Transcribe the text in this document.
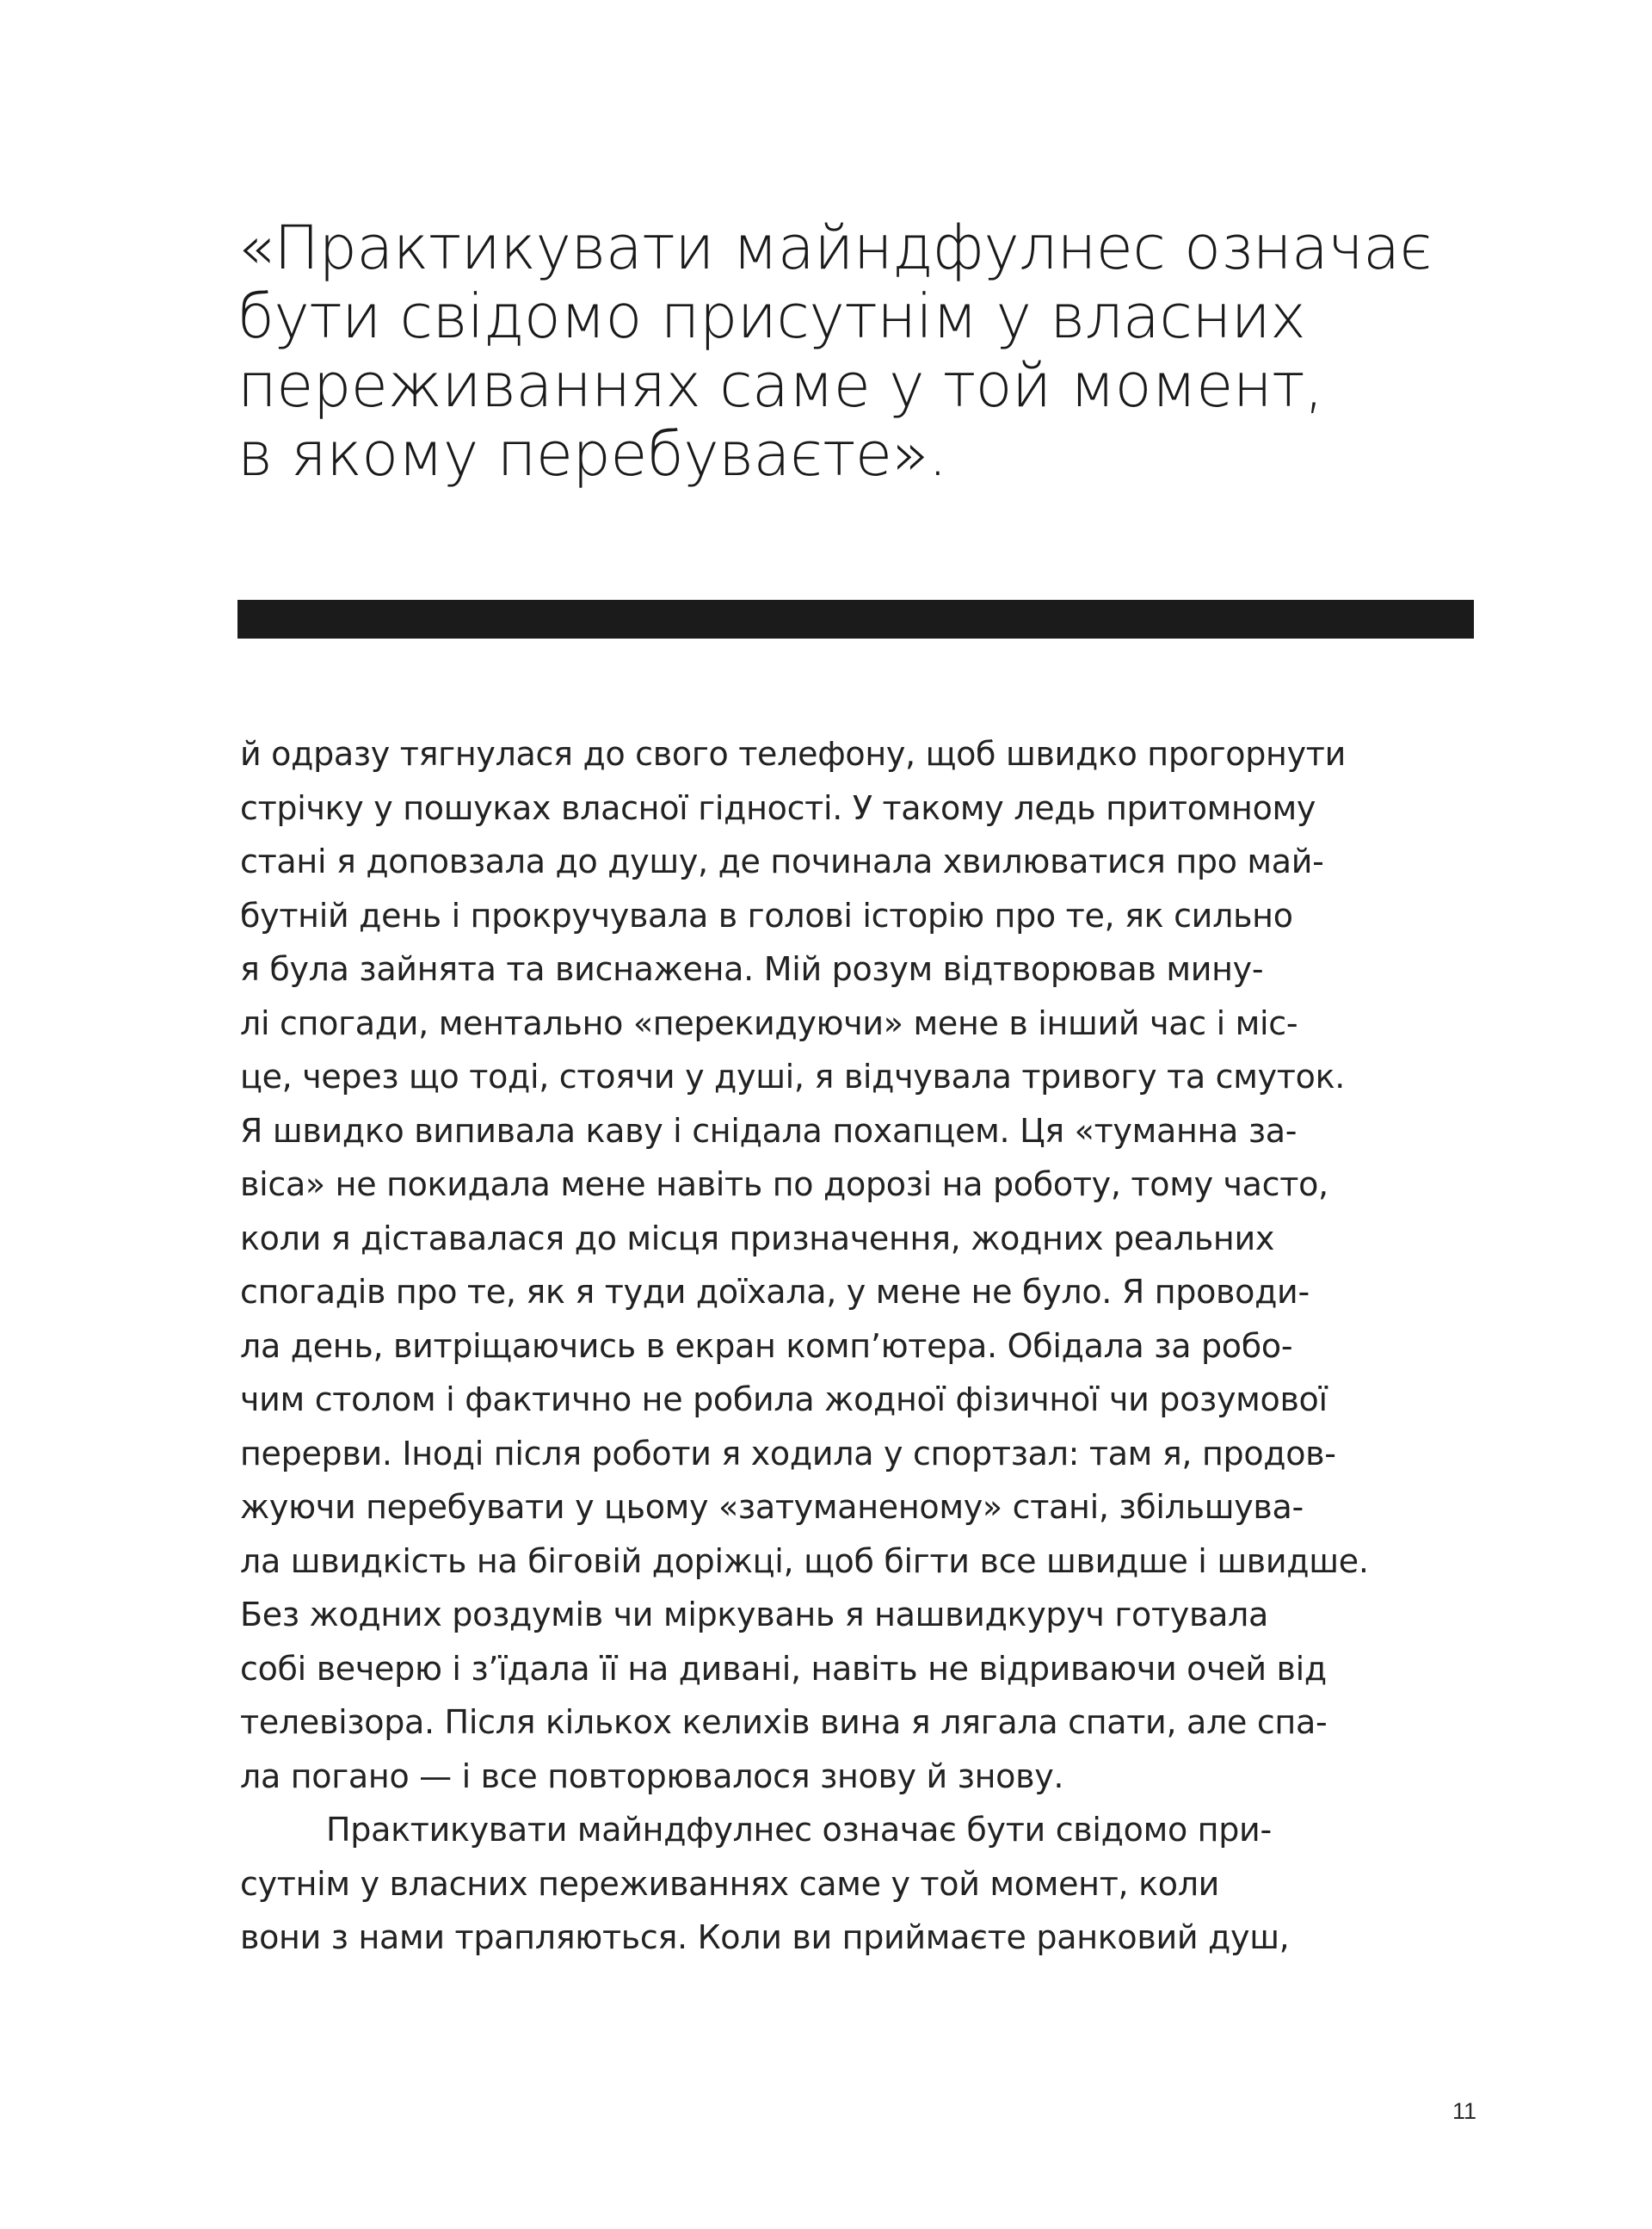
«Практикувати майндфулнес означає
бути свідомо присутнім у власних
переживаннях саме у той момент,
в якому перебуваєте».
й одразу тягнулася до свого телефону, щоб швидко прогорнути
стрічку у пошуках власної гідності. У такому ледь притомному
стані я доповзала до душу, де починала хвилюватися про май-
бутній день і прокручувала в голові історію про те, як сильно
я була зайнята та виснажена. Мій розум відтворював мину-
лі спогади, ментально «перекидуючи» мене в інший час і міс-
це, через що тоді, стоячи у душі, я відчувала тривогу та смуток.
Я швидко випивала каву і снідала похапцем. Ця «туманна за-
віса» не покидала мене навіть по дорозі на роботу, тому часто,
коли я діставалася до місця призначення, жодних реальних
спогадів про те, як я туди доїхала, у мене не було. Я проводи-
ла день, витріщаючись в екран комп’ютера. Обідала за робо-
чим столом і фактично не робила жодної фізичної чи розумової
перерви. Іноді після роботи я ходила у спортзал: там я, продов-
жуючи перебувати у цьому «затуманеному» стані, збільшува-
ла швидкість на біговій доріжці, щоб бігти все швидше і швидше.
Без жодних роздумів чи міркувань я нашвидкуруч готувала
собі вечерю і з’їдала її на дивані, навіть не відриваючи очей від
телевізора. Після кількох келихів вина я лягала спати, але спа-
ла погано — і все повторювалося знову й знову.
Практикувати майндфулнес означає бути свідомо при-
сутнім у власних переживаннях саме у той момент, коли
вони з нами трапляються. Коли ви приймаєте ранковий душ,
11
